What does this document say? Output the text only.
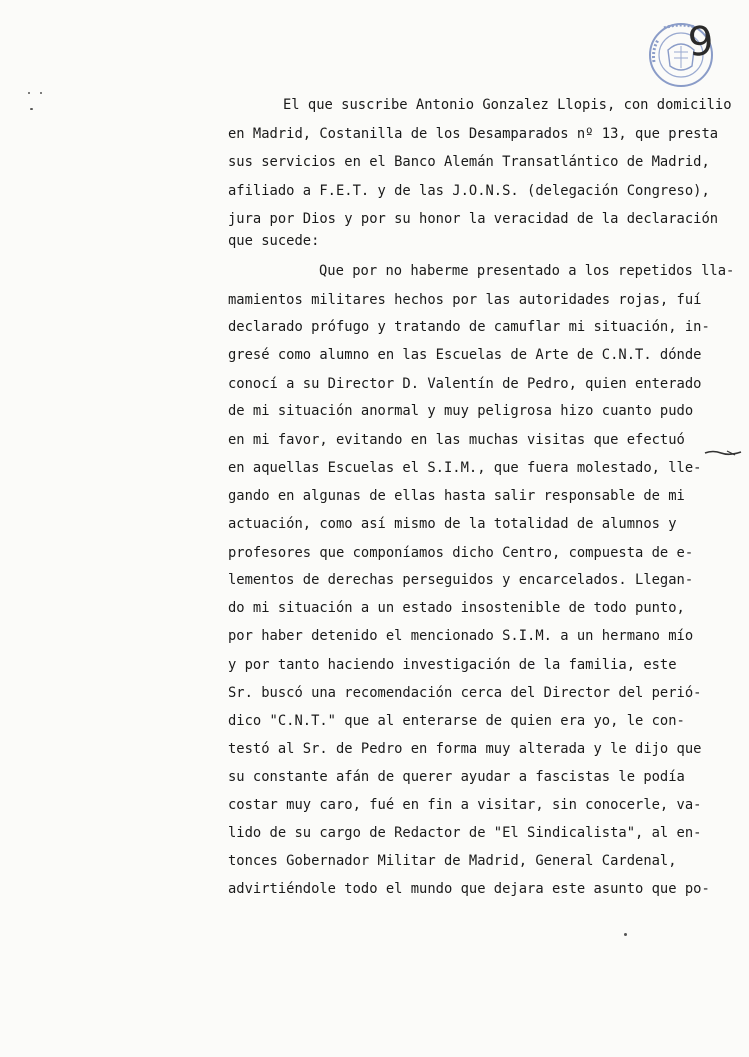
9
El que suscribe Antonio Gonzalez Llopis, con domicilio
en Madrid, Costanilla de los Desamparados nº 13, que presta
sus servicios en el Banco Alemán Transatlántico de Madrid,
afiliado a F.E.T. y de las J.O.N.S. (delegación Congreso),
jura por Dios y por su honor la veracidad de la declaración
que sucede:
Que por no haberme presentado a los repetidos lla-
mamientos militares hechos por las autoridades rojas, fuí
declarado prófugo y tratando de camuflar mi situación, in-
gresé como alumno en las Escuelas de Arte de C.N.T. dónde
conocí a su Director D. Valentín de Pedro, quien enterado
de mi situación anormal y muy peligrosa hizo cuanto pudo
en mi favor, evitando en las muchas visitas que efectuó
en aquellas Escuelas el S.I.M., que fuera molestado, lle-
gando en algunas de ellas hasta salir responsable de mi
actuación, como así mismo de la totalidad de alumnos y
profesores que componíamos dicho Centro, compuesta de e-
lementos de derechas perseguidos y encarcelados. Llegan-
do mi situación a un estado insostenible de todo punto,
por haber detenido el mencionado S.I.M. a un hermano mío
y por tanto haciendo investigación de la familia, este
Sr. buscó una recomendación cerca del Director del perió-
dico "C.N.T." que al enterarse de quien era yo, le con-
testó al Sr. de Pedro en forma muy alterada y le dijo que
su constante afán de querer ayudar a fascistas le podía
costar muy caro, fué en fin a visitar, sin conocerle, va-
lido de su cargo de Redactor de "El Sindicalista", al en-
tonces Gobernador Militar de Madrid, General Cardenal,
advirtiéndole todo el mundo que dejara este asunto que po-
